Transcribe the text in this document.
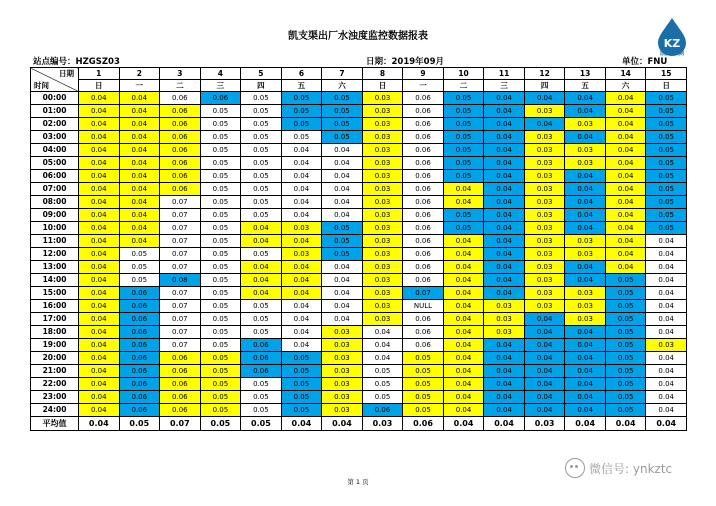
凯支渠出厂水浊度监控数据报表
KZ
凯正探测
站点编号：HZGSZ03	日期：2019年09月	单位：FNU
日期
时间	1	2	3	4	5	6	7	8	9	10	11	12	13	14	15
	日	一	二	三	四	五	六	日	一	二	三	四	五	六	日
00:00	0.04	0.04	0.06	0.06	0.05	0.05	0.05	0.03	0.06	0.05	0.04	0.04	0.04	0.04	0.05
01:00	0.04	0.04	0.06	0.05	0.05	0.05	0.05	0.03	0.06	0.05	0.04	0.03	0.04	0.04	0.05
02:00	0.04	0.04	0.06	0.05	0.05	0.05	0.05	0.03	0.06	0.05	0.04	0.04	0.03	0.04	0.05
03:00	0.04	0.04	0.06	0.05	0.05	0.05	0.05	0.03	0.06	0.05	0.04	0.03	0.04	0.04	0.05
04:00	0.04	0.04	0.06	0.05	0.05	0.04	0.04	0.03	0.06	0.05	0.04	0.03	0.03	0.04	0.05
05:00	0.04	0.04	0.06	0.05	0.05	0.04	0.04	0.03	0.06	0.05	0.04	0.03	0.03	0.04	0.05
06:00	0.04	0.04	0.06	0.05	0.05	0.04	0.04	0.03	0.06	0.05	0.04	0.03	0.04	0.04	0.05
07:00	0.04	0.04	0.06	0.05	0.05	0.04	0.04	0.03	0.06	0.04	0.04	0.03	0.04	0.04	0.05
08:00	0.04	0.04	0.07	0.05	0.05	0.04	0.04	0.03	0.06	0.04	0.04	0.03	0.04	0.04	0.05
09:00	0.04	0.04	0.07	0.05	0.05	0.04	0.04	0.03	0.06	0.05	0.04	0.03	0.04	0.04	0.05
10:00	0.04	0.04	0.07	0.05	0.04	0.03	0.05	0.03	0.06	0.05	0.04	0.03	0.04	0.04	0.05
11:00	0.04	0.04	0.07	0.05	0.04	0.04	0.05	0.03	0.06	0.04	0.04	0.03	0.03	0.04	0.04
12:00	0.04	0.05	0.07	0.05	0.05	0.03	0.05	0.03	0.06	0.04	0.04	0.03	0.03	0.04	0.04
13:00	0.04	0.05	0.07	0.05	0.04	0.04	0.04	0.03	0.06	0.04	0.04	0.03	0.04	0.04	0.04
14:00	0.04	0.05	0.08	0.05	0.04	0.04	0.04	0.03	0.06	0.04	0.04	0.03	0.04	0.05	0.04
15:00	0.04	0.06	0.07	0.05	0.04	0.04	0.04	0.03	0.07	0.04	0.04	0.03	0.03	0.05	0.04
16:00	0.04	0.06	0.07	0.05	0.05	0.04	0.04	0.03	NULL	0.04	0.03	0.03	0.03	0.05	0.04
17:00	0.04	0.06	0.07	0.05	0.05	0.04	0.04	0.03	0.06	0.04	0.03	0.04	0.03	0.05	0.04
18:00	0.04	0.06	0.07	0.05	0.05	0.04	0.03	0.04	0.06	0.04	0.03	0.04	0.04	0.05	0.04
19:00	0.04	0.06	0.07	0.05	0.06	0.04	0.03	0.04	0.06	0.04	0.04	0.04	0.04	0.05	0.03
20:00	0.04	0.06	0.06	0.05	0.06	0.05	0.03	0.04	0.05	0.04	0.04	0.04	0.04	0.05	0.04
21:00	0.04	0.06	0.06	0.05	0.06	0.05	0.03	0.05	0.05	0.04	0.04	0.04	0.04	0.05	0.04
22:00	0.04	0.06	0.06	0.05	0.05	0.05	0.03	0.05	0.05	0.04	0.04	0.04	0.04	0.05	0.04
23:00	0.04	0.06	0.06	0.05	0.05	0.05	0.03	0.05	0.05	0.04	0.04	0.04	0.04	0.05	0.04
24:00	0.04	0.06	0.06	0.05	0.05	0.05	0.03	0.06	0.05	0.04	0.04	0.04	0.04	0.05	0.04
平均值	0.04	0.05	0.07	0.05	0.05	0.04	0.04	0.03	0.06	0.04	0.04	0.03	0.04	0.04	0.04
第 1 页
微信号: ynkztc
